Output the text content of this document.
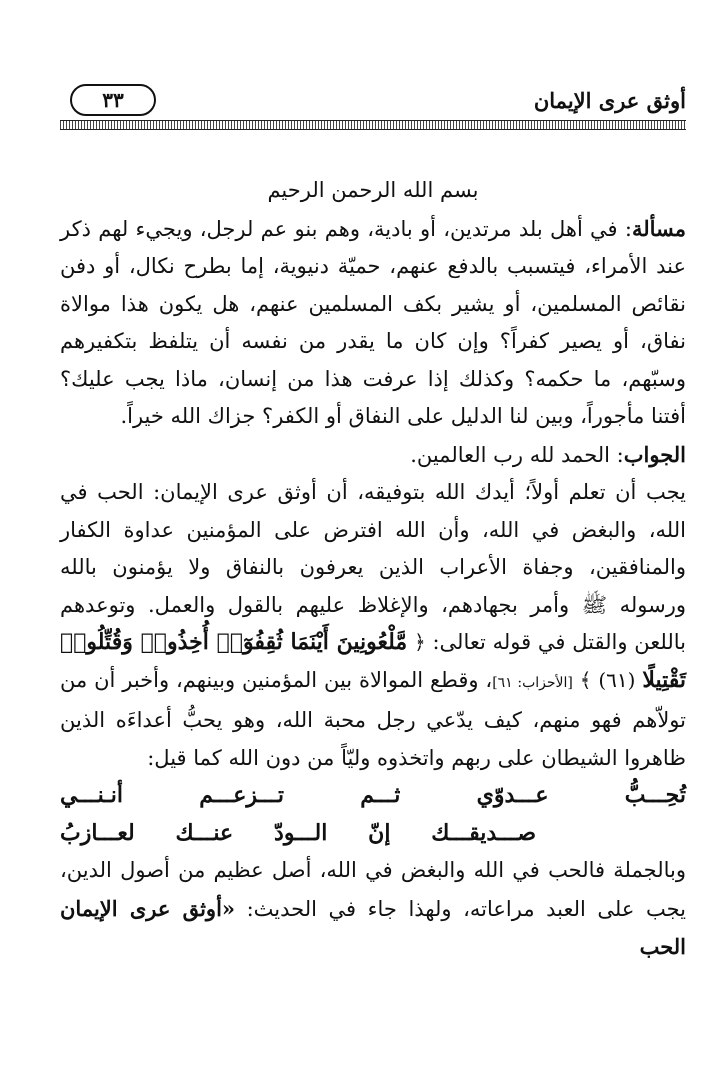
٣٣	أوثق عرى الإيمان

بسم الله الرحمن الرحيم

مسألة: في أهل بلد مرتدين، أو بادية، وهم بنو عم لرجل، ويجيء لهم ذكر عند الأمراء، فيتسبب بالدفع عنهم، حميّة دنيوية، إما بطرح نكال، أو دفن نقائص المسلمين، أو يشير بكف المسلمين عنهم، هل يكون هذا موالاة نفاق، أو يصير كفراً؟ وإن كان ما يقدر من نفسه أن يتلفظ بتكفيرهم وسبّهم، ما حكمه؟ وكذلك إذا عرفت هذا من إنسان، ماذا يجب عليك؟ أفتنا مأجوراً، وبين لنا الدليل على النفاق أو الكفر؟ جزاك الله خيراً.

الجواب: الحمد لله رب العالمين.

يجب أن تعلم أولاً؛ أيدك الله بتوفيقه، أن أوثق عرى الإيمان: الحب في الله، والبغض في الله، وأن الله افترض على المؤمنين عداوة الكفار والمنافقين، وجفاة الأعراب الذين يعرفون بالنفاق ولا يؤمنون بالله ورسوله ﷺ وأمر بجهادهم، والإغلاظ عليهم بالقول والعمل. وتوعدهم باللعن والقتل في قوله تعالى: ﴿ مَّلْعُونِينَ أَيْنَمَا ثُقِفُوٓا۟ أُخِذُوا۟ وَقُتِّلُوا۟ تَقْتِيلًا (٦١) ﴾ [الأحزاب: ٦١]، وقطع الموالاة بين المؤمنين وبينهم، وأخبر أن من تولاّهم فهو منهم، كيف يدّعي رجل محبة الله، وهو يحبُّ أعداءَه الذين ظاهروا الشيطان على ربهم واتخذوه وليّاً من دون الله كما قيل:

تُحِـــبُّ عـــدوّي ثـــم تـــزعـــم أنـنـــي

صـــديقـــك إنّ الـــودّ عنـــك لعـــازبُ

وبالجملة فالحب في الله والبغض في الله، أصل عظيم من أصول الدين، يجب على العبد مراعاته، ولهذا جاء في الحديث: «أوثق عرى الإيمان الحب
